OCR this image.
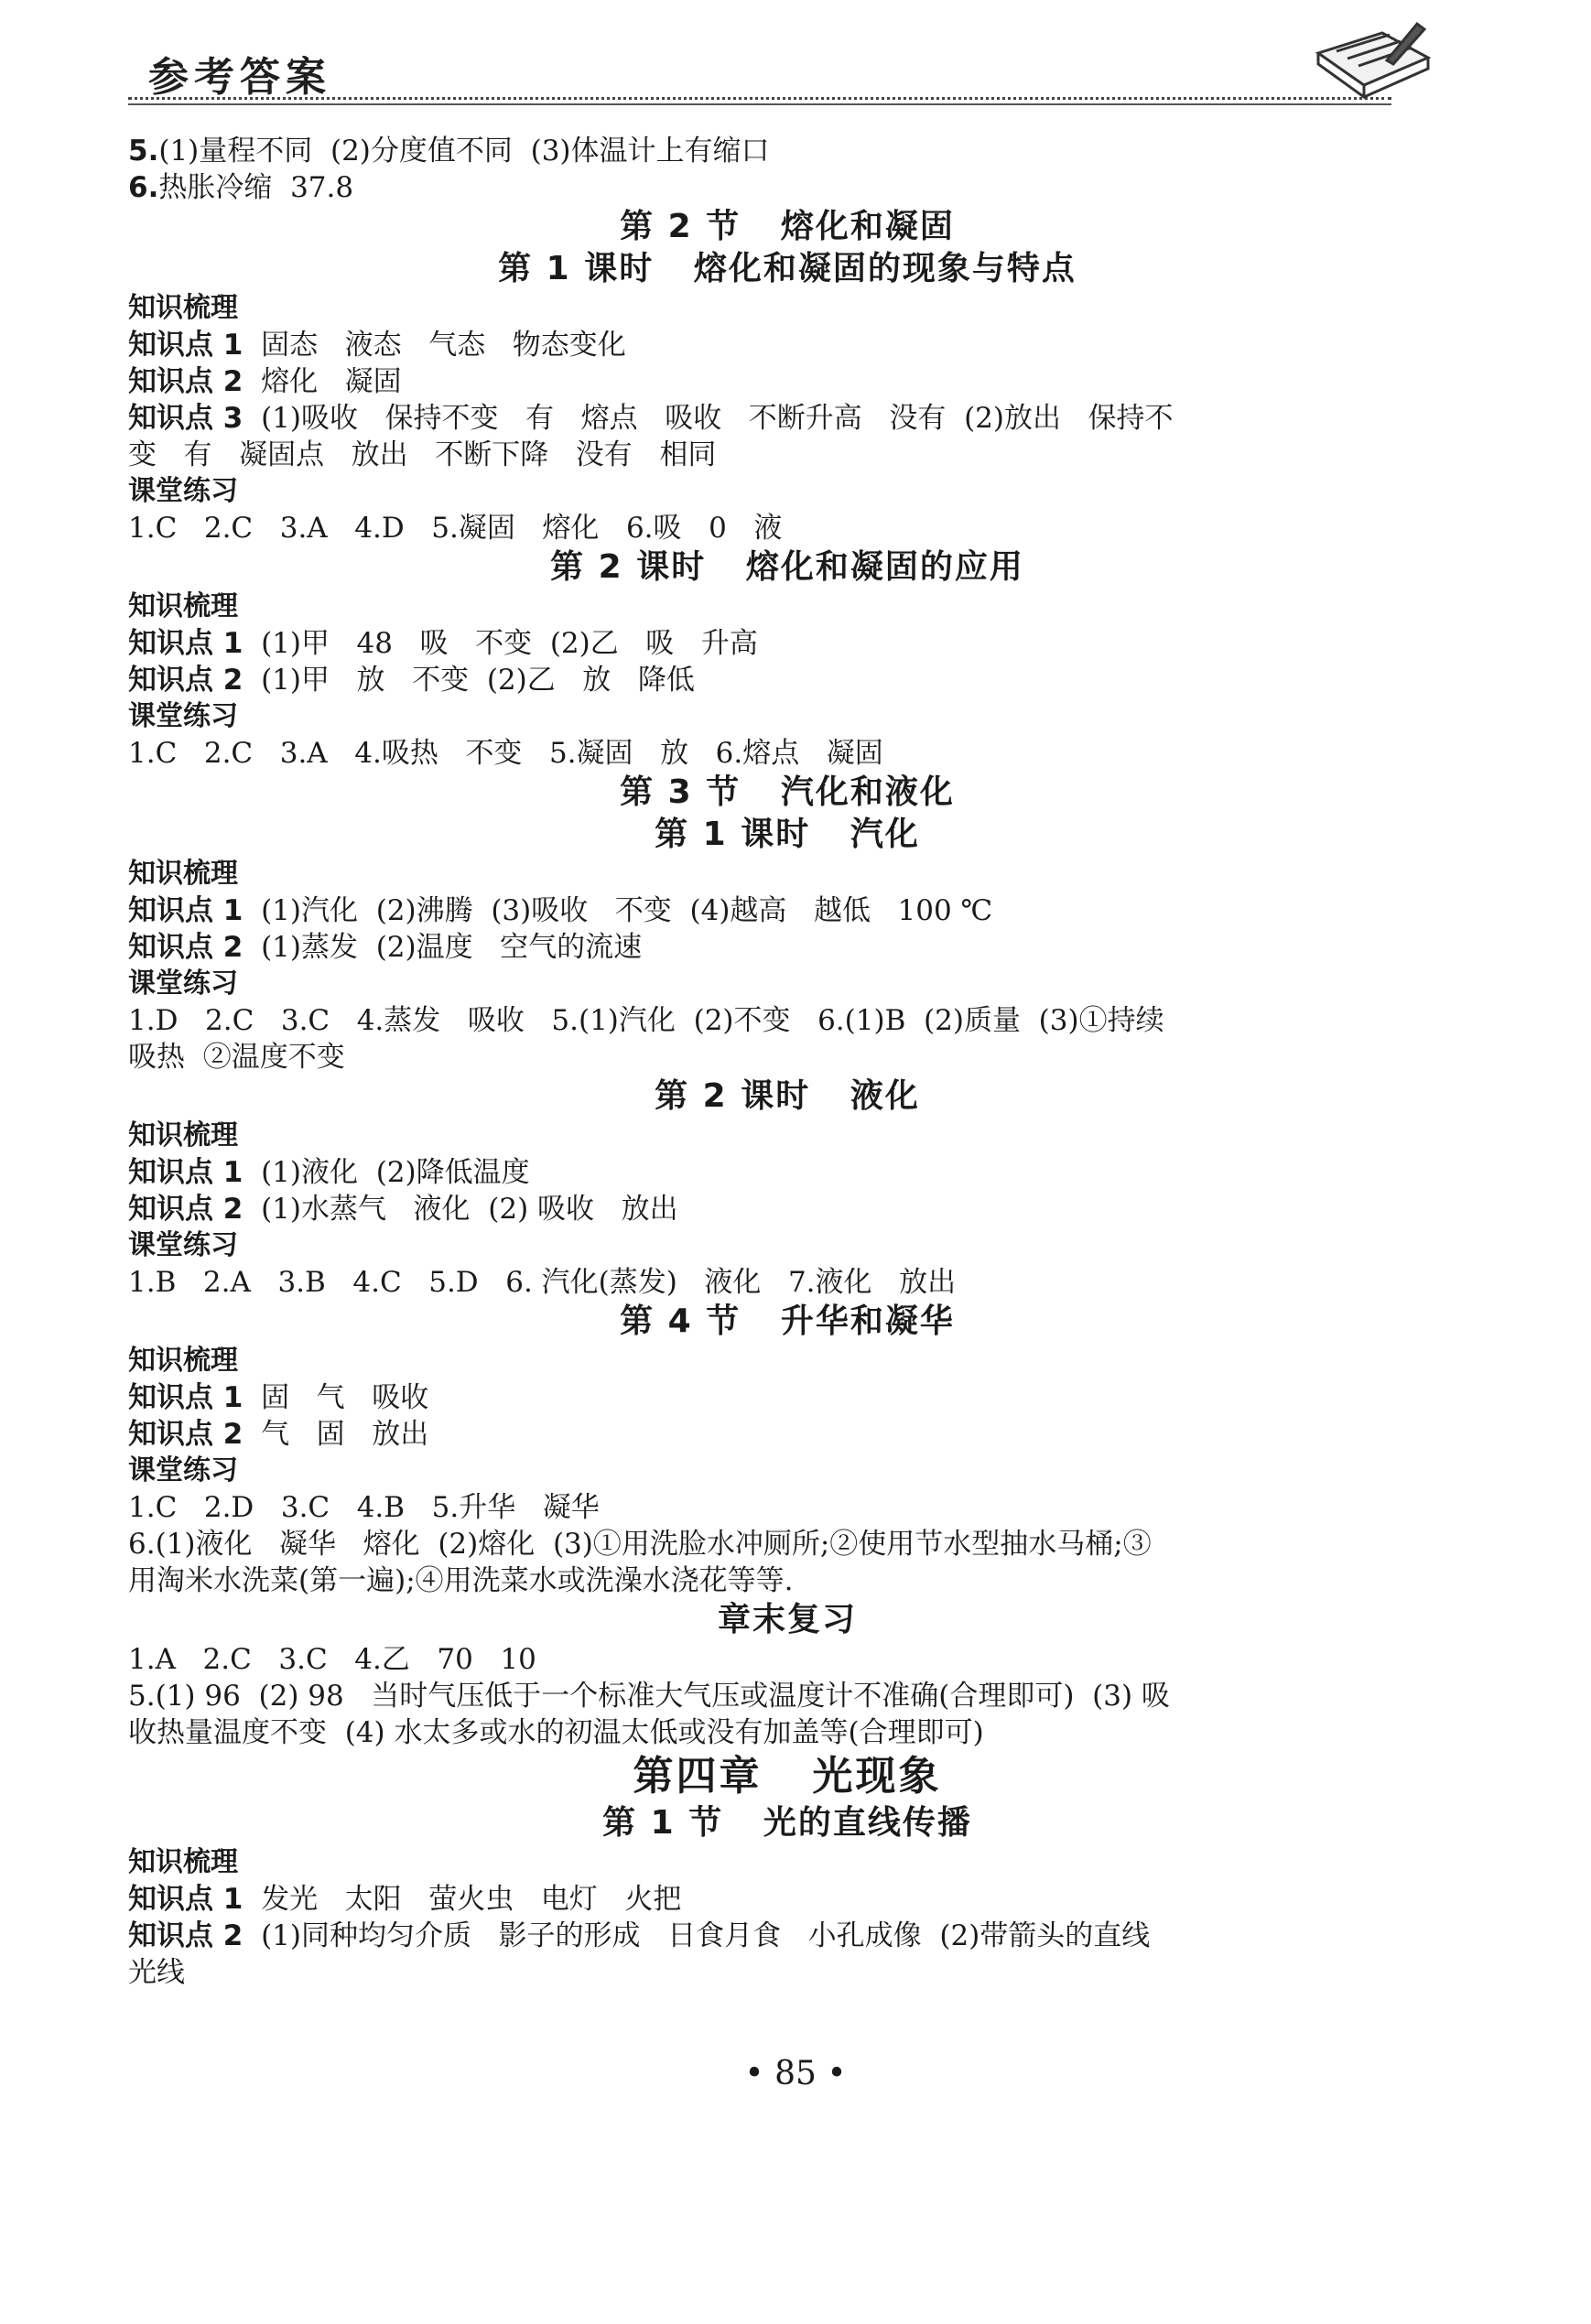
参考答案
5.(1)量程不同  (2)分度值不同  (3)体温计上有缩口
6.热胀冷缩  37.8
第 2 节   熔化和凝固
第 1 课时   熔化和凝固的现象与特点
知识梳理
知识点 1  固态   液态   气态   物态变化
知识点 2  熔化   凝固
知识点 3  (1)吸收   保持不变   有   熔点   吸收   不断升高   没有  (2)放出   保持不
变   有   凝固点   放出   不断下降   没有   相同
课堂练习
1.C   2.C   3.A   4.D   5.凝固   熔化   6.吸   0   液
第 2 课时   熔化和凝固的应用
知识梳理
知识点 1  (1)甲   48   吸   不变  (2)乙   吸   升高
知识点 2  (1)甲   放   不变  (2)乙   放   降低
课堂练习
1.C   2.C   3.A   4.吸热   不变   5.凝固   放   6.熔点   凝固
第 3 节   汽化和液化
第 1 课时   汽化
知识梳理
知识点 1  (1)汽化  (2)沸腾  (3)吸收   不变  (4)越高   越低   100 ℃
知识点 2  (1)蒸发  (2)温度   空气的流速
课堂练习
1.D   2.C   3.C   4.蒸发   吸收   5.(1)汽化  (2)不变   6.(1)B  (2)质量  (3)①持续
吸热  ②温度不变
第 2 课时   液化
知识梳理
知识点 1  (1)液化  (2)降低温度
知识点 2  (1)水蒸气   液化  (2) 吸收   放出
课堂练习
1.B   2.A   3.B   4.C   5.D   6. 汽化(蒸发)   液化   7.液化   放出
第 4 节   升华和凝华
知识梳理
知识点 1  固   气   吸收
知识点 2  气   固   放出
课堂练习
1.C   2.D   3.C   4.B   5.升华   凝华
6.(1)液化   凝华   熔化  (2)熔化  (3)①用洗脸水冲厕所;②使用节水型抽水马桶;③
用淘米水洗菜(第一遍);④用洗菜水或洗澡水浇花等等.
章末复习
1.A   2.C   3.C   4.乙   70   10
5.(1) 96  (2) 98   当时气压低于一个标准大气压或温度计不准确(合理即可)  (3) 吸
收热量温度不变  (4) 水太多或水的初温太低或没有加盖等(合理即可)
第四章   光现象
第 1 节   光的直线传播
知识梳理
知识点 1  发光   太阳   萤火虫   电灯   火把
知识点 2  (1)同种均匀介质   影子的形成   日食月食   小孔成像  (2)带箭头的直线
光线
• 85 •
